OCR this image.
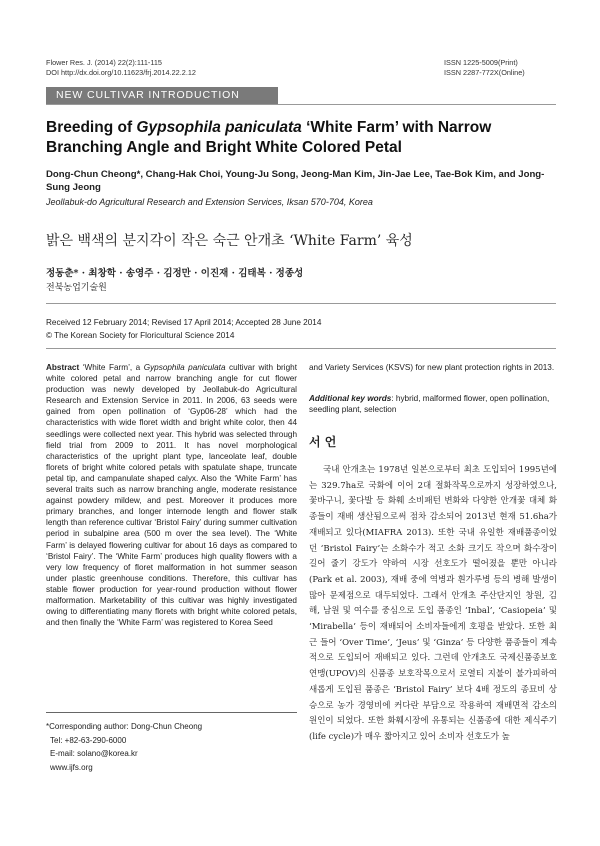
Flower Res. J. (2014) 22(2):111-115
DOI http://dx.doi.org/10.11623/frj.2014.22.2.12
ISSN 1225-5009(Print)
ISSN 2287-772X(Online)
NEW CULTIVAR INTRODUCTION
Breeding of Gypsophila paniculata ‘White Farm’ with Narrow Branching Angle and Bright White Colored Petal
Dong-Chun Cheong*, Chang-Hak Choi, Young-Ju Song, Jeong-Man Kim, Jin-Jae Lee, Tae-Bok Kim, and Jong-Sung Jeong
Jeollabuk-do Agricultural Research and Extension Services, Iksan 570-704, Korea
밝은 백색의 분지각이 작은 숙근 안개초 ‘White Farm’ 육성
정동춘* · 최창학 · 송영주 · 김정만 · 이진재 · 김태복 · 정종성
전북농업기술원
Received 12 February 2014; Revised 17 April 2014; Accepted 28 June 2014
© The Korean Society for Floricultural Science 2014
Abstract ‘White Farm’, a Gypsophila paniculata cultivar with bright white colored petal and narrow branching angle for cut flower production was newly developed by Jeollabuk-do Agricultural Research and Extension Service in 2011. In 2006, 63 seeds were gained from open pollination of ‘Gyp06-28’ which had the characteristics with wide floret width and bright white color, then 44 seedlings were collected next year. This hybrid was selected through field trial from 2009 to 2011. It has novel morphological characteristics of the upright plant type, lanceolate leaf, double florets of bright white colored petals with spatulate shape, truncate petal tip, and campanulate shaped calyx. Also the ‘White Farm’ has several traits such as narrow branching angle, moderate resistance against powdery mildew, and pest. Moreover it produces more primary branches, and longer internode length and flower stalk length than reference cultivar ‘Bristol Fairy’ during summer cultivation period in subalpine area (500 m over the sea level). The ‘White Farm’ is delayed flowering cultivar for about 16 days as compared to ‘Bristol Fairy’. The ‘White Farm’ produces high quality flowers with a very low frequency of floret malformation in hot summer season under plastic greenhouse conditions. Therefore, this cultivar has stable flower production for year-round production without flower malformation. Marketability of this cultivar was highly investigated owing to differentiating many florets with bright white colored petals, and then finally the ‘White Farm’ was registered to Korea Seed
and Variety Services (KSVS) for new plant protection rights in 2013.
Additional key words: hybrid, malformed flower, open pollination, seedling plant, selection
서 언
국내 안개초는 1978년 일본으로부터 최초 도입되어 1995년에는 329.7ha로 국화에 이어 2대 절화작목으로까지 성장하였으나, 꽃바구니, 꽃다발 등 화훼 소비패턴 변화와 다양한 안개꽃 대체 화종들이 재배 생산됨으로써 점차 감소되어 2013년 현재 51.6ha가 재배되고 있다(MIAFRA 2013). 또한 국내 유일한 재배품종이었던 ‘Bristol Fairy’는 소화수가 적고 소화 크기도 작으며 화수장이 길어 줄기 강도가 약하여 시장 선호도가 떨어졌을 뿐만 아니라(Park et al. 2003), 재배 중에 역병과 흰가루병 등의 병해 발생이 많아 문제점으로 대두되었다. 그래서 안개초 주산단지인 창원, 김해, 남원 및 여수를 중심으로 도입 품종인 ‘Inbal’, ‘Casiopeia’ 및 ‘Mirabella’ 등이 재배되어 소비자들에게 호평을 받았다. 또한 최근 들어 ‘Over Time’, ‘Jeus’ 및 ‘Ginza’ 등 다양한 품종들이 계속적으로 도입되어 재배되고 있다. 그런데 안개초도 국제신품종보호연맹(UPOV)의 신품종 보호작목으로서 로열티 지불이 불가피하여 새롭게 도입된 품종은 ‘Bristol Fairy’ 보다 4배 정도의 종묘비 상승으로 농가 경영비에 커다란 부담으로 작용하여 재배면적 감소의 원인이 되었다. 또한 화훼시장에 유통되는 신품종에 대한 제식주기(life cycle)가 매우 짧아지고 있어 소비자 선호도가 높
*Corresponding author: Dong-Chun Cheong
Tel: +82-63-290-6000
E-mail: solano@korea.kr
www.ijfs.org
